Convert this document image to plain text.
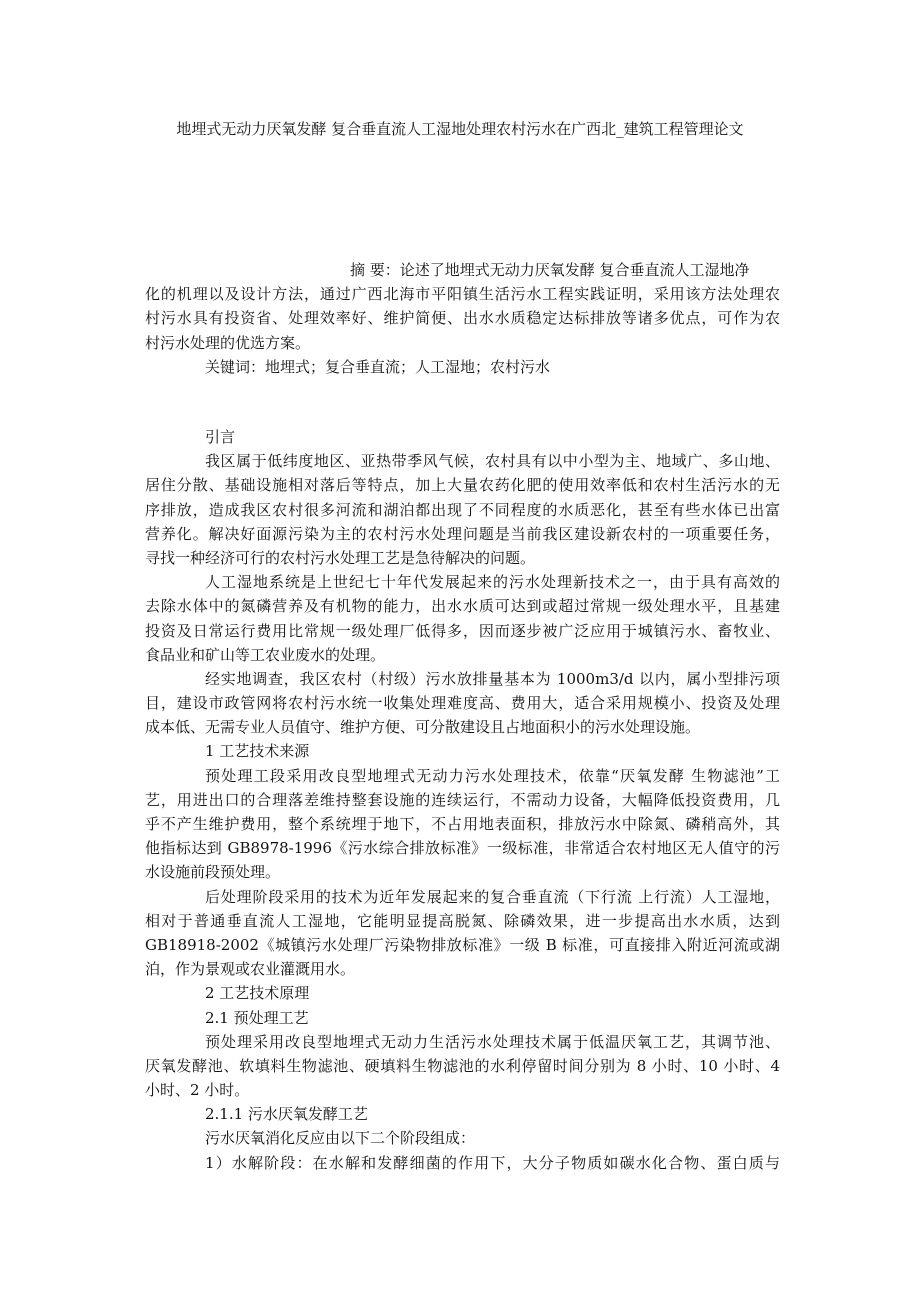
地埋式无动力厌氧发酵 复合垂直流人工湿地处理农村污水在广西北_建筑工程管理论文
摘 要：论述了地埋式无动力厌氧发酵 复合垂直流人工湿地净
化的机理以及设计方法，通过广西北海市平阳镇生活污水工程实践证明，采用该方法处理农
村污水具有投资省、处理效率好、维护简便、出水水质稳定达标排放等诸多优点，可作为农
村污水处理的优选方案。
关键词：地埋式；复合垂直流；人工湿地；农村污水
引言
我区属于低纬度地区、亚热带季风气候，农村具有以中小型为主、地域广、多山地、
居住分散、基础设施相对落后等特点，加上大量农药化肥的使用效率低和农村生活污水的无
序排放，造成我区农村很多河流和湖泊都出现了不同程度的水质恶化，甚至有些水体已出富
营养化。解决好面源污染为主的农村污水处理问题是当前我区建设新农村的一项重要任务，
寻找一种经济可行的农村污水处理工艺是急待解决的问题。
人工湿地系统是上世纪七十年代发展起来的污水处理新技术之一，由于具有高效的
去除水体中的氮磷营养及有机物的能力，出水水质可达到或超过常规一级处理水平，且基建
投资及日常运行费用比常规一级处理厂低得多，因而逐步被广泛应用于城镇污水、畜牧业、
食品业和矿山等工农业废水的处理。
经实地调查，我区农村（村级）污水放排量基本为 1000m3/d 以内，属小型排污项
目，建设市政管网将农村污水统一收集处理难度高、费用大，适合采用规模小、投资及处理
成本低、无需专业人员值守、维护方便、可分散建设且占地面积小的污水处理设施。
1 工艺技术来源
预处理工段采用改良型地埋式无动力污水处理技术，依靠“厌氧发酵 生物滤池”工
艺，用进出口的合理落差维持整套设施的连续运行，不需动力设备，大幅降低投资费用，几
乎不产生维护费用，整个系统埋于地下，不占用地表面积，排放污水中除氮、磷稍高外，其
他指标达到 GB8978-1996《污水综合排放标准》一级标准，非常适合农村地区无人值守的污
水设施前段预处理。
后处理阶段采用的技术为近年发展起来的复合垂直流（下行流 上行流）人工湿地，
相对于普通垂直流人工湿地，它能明显提高脱氮、除磷效果，进一步提高出水水质，达到
GB18918-2002《城镇污水处理厂污染物排放标准》一级 B 标准，可直接排入附近河流或湖
泊，作为景观或农业灌溉用水。
2 工艺技术原理
2.1 预处理工艺
预处理采用改良型地埋式无动力生活污水处理技术属于低温厌氧工艺，其调节池、
厌氧发酵池、软填料生物滤池、硬填料生物滤池的水利停留时间分别为 8 小时、10 小时、4
小时、2 小时。
2.1.1 污水厌氧发酵工艺
污水厌氧消化反应由以下二个阶段组成：
1）水解阶段：在水解和发酵细菌的作用下，大分子物质如碳水化合物、蛋白质与
